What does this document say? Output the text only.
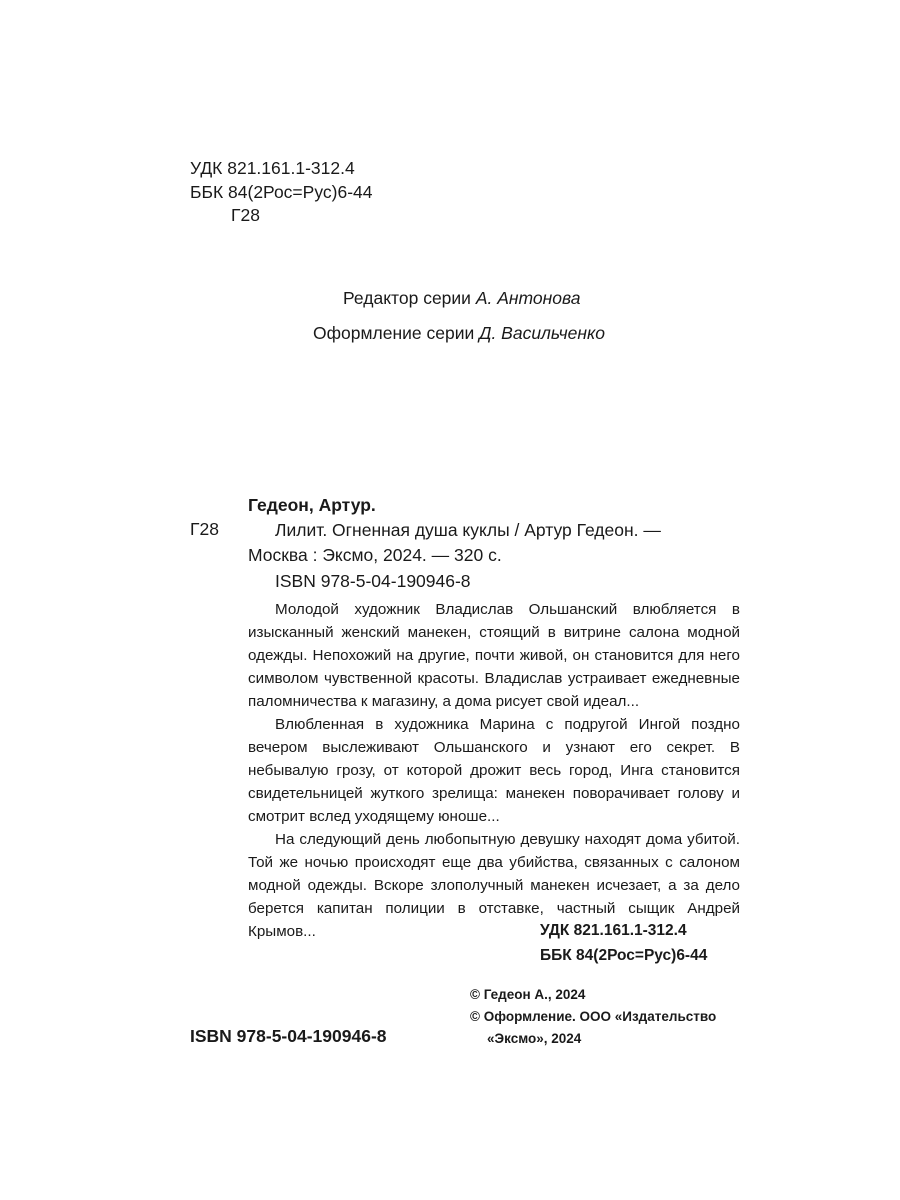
УДК 821.161.1-312.4
ББК 84(2Рос=Рус)6-44
Г28
Редактор серии А. Антонова
Оформление серии Д. Васильченко
Гедеон, Артур.
Г28	Лилит. Огненная душа куклы / Артур Гедеон. —
Москва : Эксмо, 2024. — 320 с.
ISBN 978-5-04-190946-8

Молодой художник Владислав Ольшанский влюбляется в изысканный женский манекен, стоящий в витрине салона модной одежды. Непохожий на другие, почти живой, он становится для него символом чувственной красоты. Владислав устраивает ежедневные паломничества к магазину, а дома рисует свой идеал...

Влюбленная в художника Марина с подругой Ингой поздно вечером выслеживают Ольшанского и узнают его секрет. В небывалую грозу, от которой дрожит весь город, Инга становится свидетельницей жуткого зрелища: манекен поворачивает голову и смотрит вслед уходящему юноше...

На следующий день любопытную девушку находят дома убитой. Той же ночью происходят еще два убийства, связанных с салоном модной одежды. Вскоре злополучный манекен исчезает, а за дело берется капитан полиции в отставке, частный сыщик Андрей Крымов...	УДК 821.161.1-312.4
ББК 84(2Рос=Рус)6-44
© Гедеон А., 2024
© Оформление. ООО «Издательство
«Эксмо», 2024
ISBN 978-5-04-190946-8
